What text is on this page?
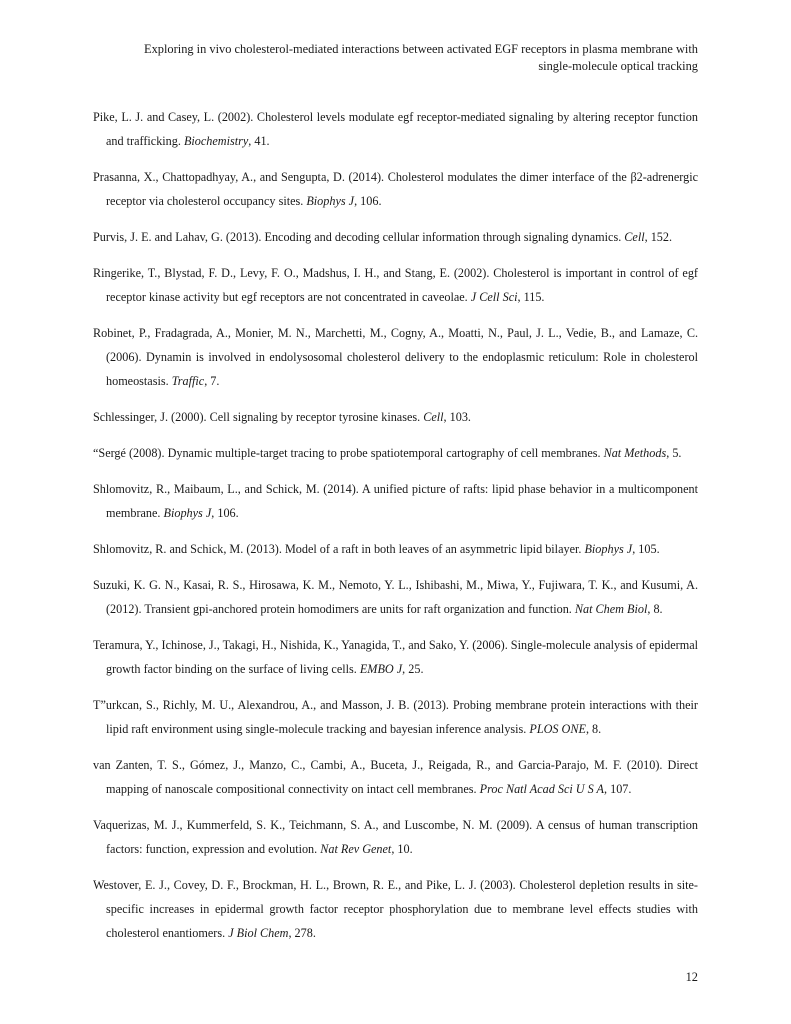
Exploring in vivo cholesterol-mediated interactions between activated EGF receptors in plasma membrane with
single-molecule optical tracking

Pike, L. J. and Casey, L. (2002). Cholesterol levels modulate egf receptor-mediated signaling by altering receptor function and trafficking. Biochemistry, 41.

Prasanna, X., Chattopadhyay, A., and Sengupta, D. (2014). Cholesterol modulates the dimer interface of the β2-adrenergic receptor via cholesterol occupancy sites. Biophys J, 106.

Purvis, J. E. and Lahav, G. (2013). Encoding and decoding cellular information through signaling dynamics. Cell, 152.

Ringerike, T., Blystad, F. D., Levy, F. O., Madshus, I. H., and Stang, E. (2002). Cholesterol is important in control of egf receptor kinase activity but egf receptors are not concentrated in caveolae. J Cell Sci, 115.

Robinet, P., Fradagrada, A., Monier, M. N., Marchetti, M., Cogny, A., Moatti, N., Paul, J. L., Vedie, B., and Lamaze, C. (2006). Dynamin is involved in endolysosomal cholesterol delivery to the endoplasmic reticulum: Role in cholesterol homeostasis. Traffic, 7.

Schlessinger, J. (2000). Cell signaling by receptor tyrosine kinases. Cell, 103.

“Sergé (2008). Dynamic multiple-target tracing to probe spatiotemporal cartography of cell membranes. Nat Methods, 5.

Shlomovitz, R., Maibaum, L., and Schick, M. (2014). A unified picture of rafts: lipid phase behavior in a multicomponent membrane. Biophys J, 106.

Shlomovitz, R. and Schick, M. (2013). Model of a raft in both leaves of an asymmetric lipid bilayer. Biophys J, 105.

Suzuki, K. G. N., Kasai, R. S., Hirosawa, K. M., Nemoto, Y. L., Ishibashi, M., Miwa, Y., Fujiwara, T. K., and Kusumi, A. (2012). Transient gpi-anchored protein homodimers are units for raft organization and function. Nat Chem Biol, 8.

Teramura, Y., Ichinose, J., Takagi, H., Nishida, K., Yanagida, T., and Sako, Y. (2006). Single-molecule analysis of epidermal growth factor binding on the surface of living cells. EMBO J, 25.

T”urkcan, S., Richly, M. U., Alexandrou, A., and Masson, J. B. (2013). Probing membrane protein interactions with their lipid raft environment using single-molecule tracking and bayesian inference analysis. PLOS ONE, 8.

van Zanten, T. S., Gómez, J., Manzo, C., Cambi, A., Buceta, J., Reigada, R., and Garcia-Parajo, M. F. (2010). Direct mapping of nanoscale compositional connectivity on intact cell membranes. Proc Natl Acad Sci U S A, 107.

Vaquerizas, M. J., Kummerfeld, S. K., Teichmann, S. A., and Luscombe, N. M. (2009). A census of human transcription factors: function, expression and evolution. Nat Rev Genet, 10.

Westover, E. J., Covey, D. F., Brockman, H. L., Brown, R. E., and Pike, L. J. (2003). Cholesterol depletion results in site-specific increases in epidermal growth factor receptor phosphorylation due to membrane level effects studies with cholesterol enantiomers. J Biol Chem, 278.

12
